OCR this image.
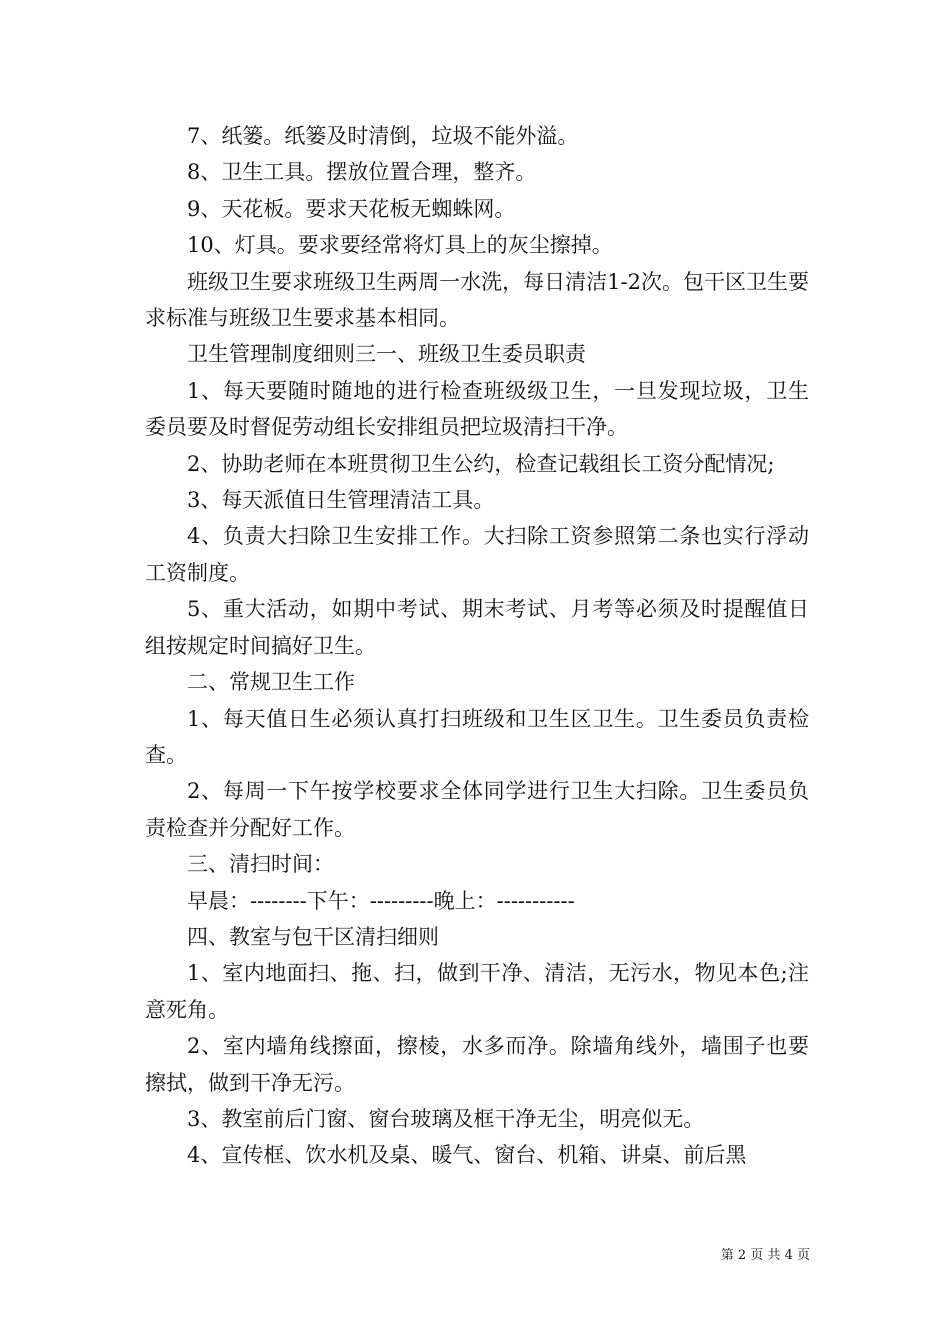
7、纸篓。纸篓及时清倒，垃圾不能外溢。

8、卫生工具。摆放位置合理，整齐。

9、天花板。要求天花板无蜘蛛网。

10、灯具。要求要经常将灯具上的灰尘擦掉。

班级卫生要求班级卫生两周一水洗，每日清洁1-2次。包干区卫生要求标准与班级卫生要求基本相同。

卫生管理制度细则三一、班级卫生委员职责

1、每天要随时随地的进行检查班级级卫生，一旦发现垃圾，卫生委员要及时督促劳动组长安排组员把垃圾清扫干净。

2、协助老师在本班贯彻卫生公约，检查记载组长工资分配情况;

3、每天派值日生管理清洁工具。

4、负责大扫除卫生安排工作。大扫除工资参照第二条也实行浮动工资制度。

5、重大活动，如期中考试、期末考试、月考等必须及时提醒值日组按规定时间搞好卫生。

二、常规卫生工作

1、每天值日生必须认真打扫班级和卫生区卫生。卫生委员负责检查。

2、每周一下午按学校要求全体同学进行卫生大扫除。卫生委员负责检查并分配好工作。

三、清扫时间：

早晨：--------下午：---------晚上：-----------

四、教室与包干区清扫细则

1、室内地面扫、拖、扫，做到干净、清洁，无污水，物见本色;注意死角。

2、室内墙角线擦面，擦棱，水多而净。除墙角线外，墙围子也要擦拭，做到干净无污。

3、教室前后门窗、窗台玻璃及框干净无尘，明亮似无。

4、宣传框、饮水机及桌、暖气、窗台、机箱、讲桌、前后黑

第 2 页 共 4 页
